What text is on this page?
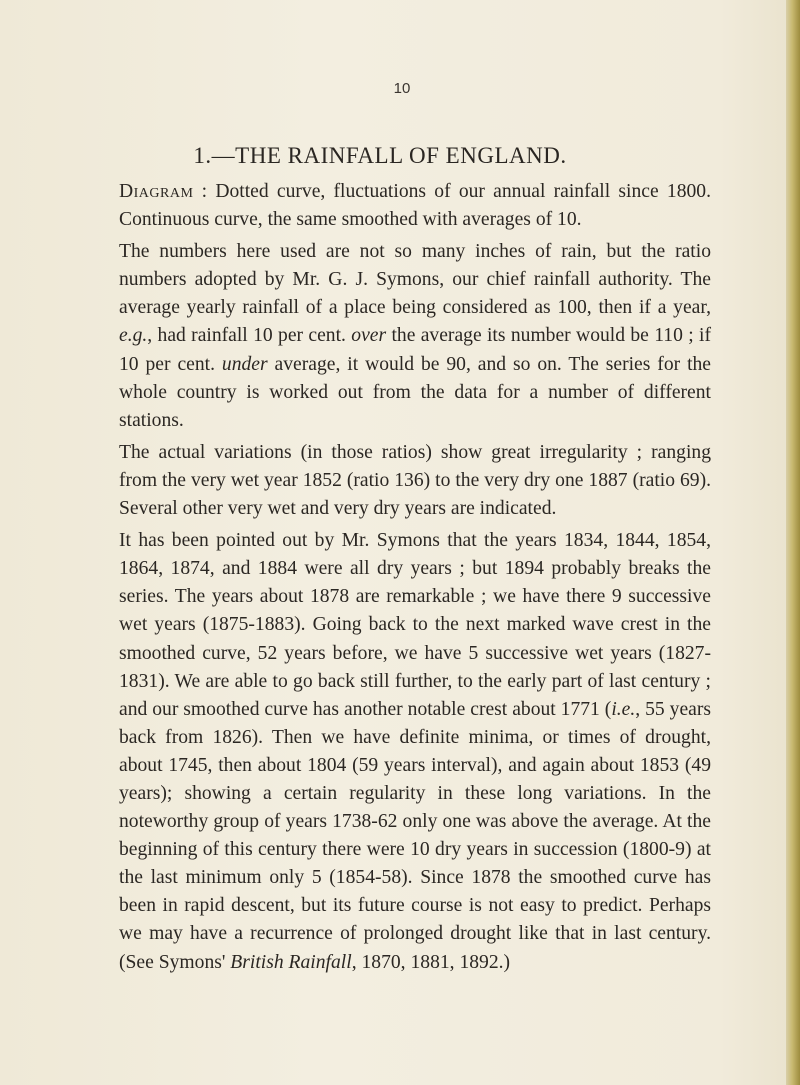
10
1.—THE RAINFALL OF ENGLAND.

Diagram : Dotted curve, fluctuations of our annual rainfall since 1800. Continuous curve, the same smoothed with averages of 10.

The numbers here used are not so many inches of rain, but the ratio numbers adopted by Mr. G. J. Symons, our chief rainfall authority. The average yearly rainfall of a place being considered as 100, then if a year, e.g., had rainfall 10 per cent. over the average its number would be 110 ; if 10 per cent. under average, it would be 90, and so on. The series for the whole country is worked out from the data for a number of different stations.

The actual variations (in those ratios) show great irregularity ; ranging from the very wet year 1852 (ratio 136) to the very dry one 1887 (ratio 69). Several other very wet and very dry years are indicated.

It has been pointed out by Mr. Symons that the years 1834, 1844, 1854, 1864, 1874, and 1884 were all dry years ; but 1894 probably breaks the series. The years about 1878 are remarkable ; we have there 9 successive wet years (1875-1883). Going back to the next marked wave crest in the smoothed curve, 52 years before, we have 5 successive wet years (1827-1831). We are able to go back still further, to the early part of last century ; and our smoothed curve has another notable crest about 1771 (i.e., 55 years back from 1826). Then we have definite minima, or times of drought, about 1745, then about 1804 (59 years interval), and again about 1853 (49 years); showing a certain regularity in these long variations. In the noteworthy group of years 1738-62 only one was above the average. At the beginning of this century there were 10 dry years in succession (1800-9) at the last minimum only 5 (1854-58). Since 1878 the smoothed curve has been in rapid descent, but its future course is not easy to predict. Perhaps we may have a recurrence of prolonged drought like that in last century. (See Symons' British Rainfall, 1870, 1881, 1892.)
